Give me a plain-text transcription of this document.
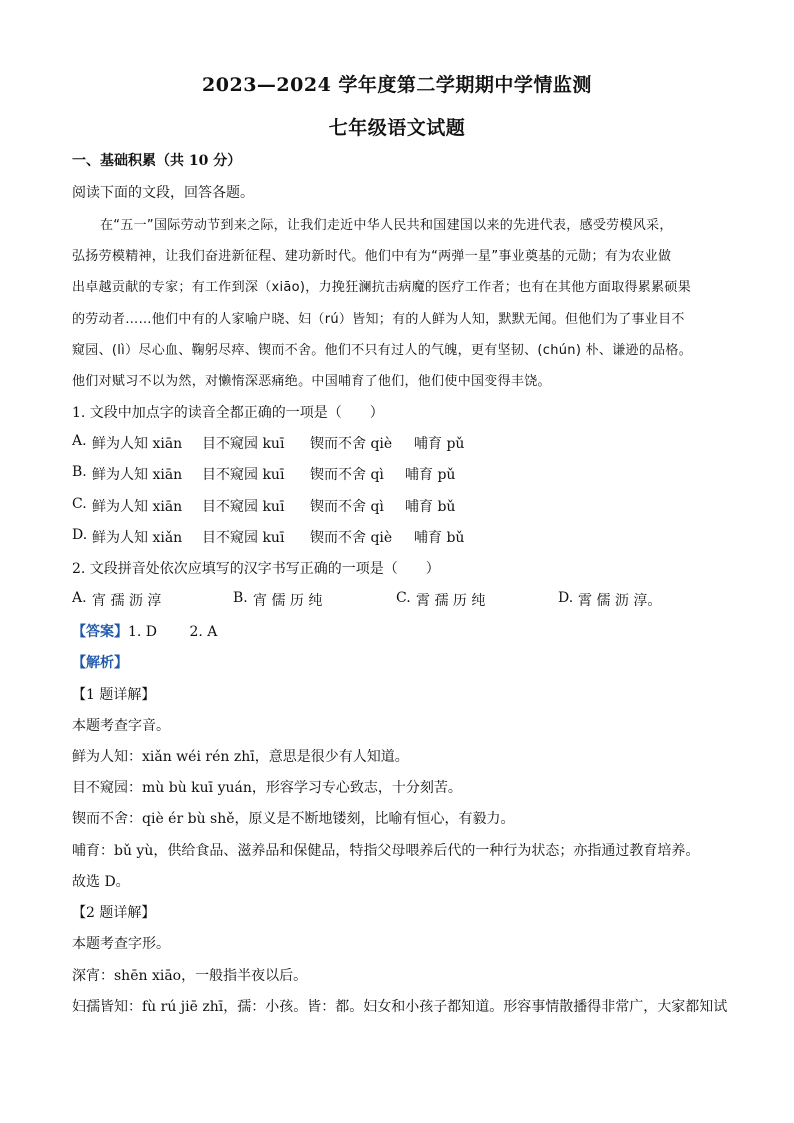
2023—2024 学年度第二学期期中学情监测
七年级语文试题
一、基础积累（共 10 分）
阅读下面的文段，回答各题。
在“五一”国际劳动节到来之际，让我们走近中华人民共和国建国以来的先进代表，感受劳模风采，
弘扬劳模精神，让我们奋进新征程、建功新时代。他们中有为“两弹一星”事业奠基的元勋；有为农业做
出卓越贡献的专家；有工作到深（xiāo)，力挽狂澜抗击病魔的医疗工作者；也有在其他方面取得累累硕果
的劳动者……他们中有的人家喻户晓、妇（rú）皆知；有的人鲜为人知，默默无闻。但他们为了事业目不
窥园、(lì）尽心血、鞠躬尽瘁、锲而不舍。他们不只有过人的气魄，更有坚韧、(chún) 朴、谦逊的品格。
他们对赋习不以为然，对懒惰深恶痛绝。中国哺育了他们，他们使中国变得丰饶。
1. 文段中加点字的读音全都正确的一项是（　　）
A. 鲜为人知 xiān 目不窥园 kuī 锲而不舍 qiè 哺育 pǔ
B. 鲜为人知 xiān 目不窥园 kuī 锲而不舍 qì 哺育 pǔ
C. 鲜为人知 xiān 目不窥园 kuī 锲而不舍 qì 哺育 bǔ
D. 鲜为人知 xiǎn 目不窥园 kuī 锲而不舍 qiè 哺育 bǔ
2. 文段拼音处依次应填写的汉字书写正确的一项是（　　）
A. 宵 孺 沥 淳	B. 宵 儒 历 纯	C. 霄 孺 历 纯	D. 霄 儒 沥 淳。
【答案】1. D　　 2. A
【解析】
【1 题详解】
本题考查字音。
鲜为人知：xiǎn wéi rén zhī，意思是很少有人知道。
目不窥园：mù bù kuī yuán，形容学习专心致志，十分刻苦。
锲而不舍：qiè ér bù shě，原义是不断地镂刻，比喻有恒心，有毅力。
哺育：bǔ yù，供给食品、滋养品和保健品，特指父母喂养后代的一种行为状态；亦指通过教育培养。
故选 D。
【2 题详解】
本题考查字形。
深宵：shēn xiāo，一般指半夜以后。
妇孺皆知：fù rú jiē zhī，孺：小孩。皆：都。妇女和小孩子都知道。形容事情散播得非常广，大家都知试
